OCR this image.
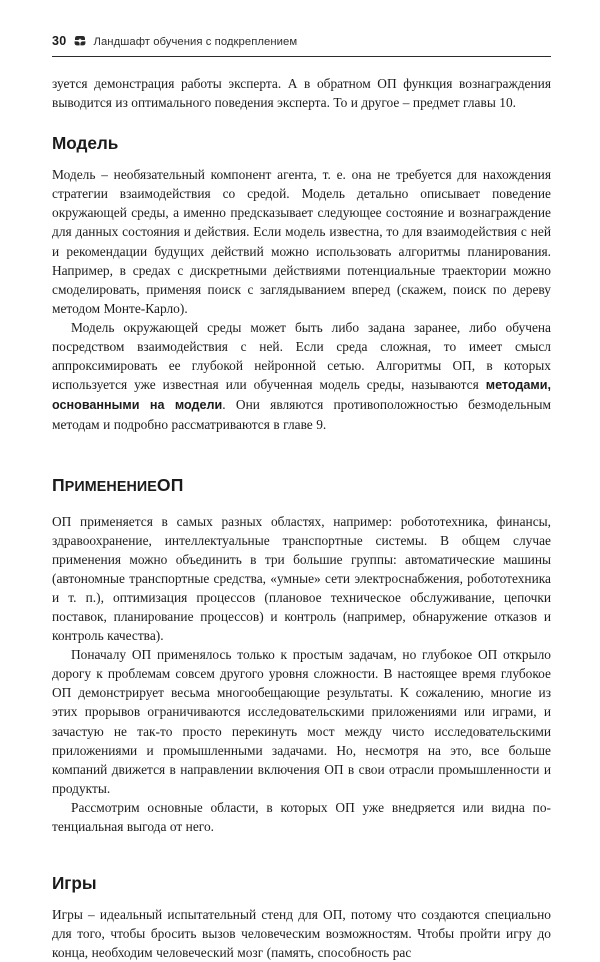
30 Ландшафт обучения с подкреплением

зуется демонстрация работы эксперта. А в обратном ОП функция вознаграждения выводится из оптимального поведения эксперта. То и другое – предмет главы 10.

Модель

Модель – необязательный компонент агента, т. е. она не требуется для нахождения стратегии взаимодействия со средой. Модель детально описывает поведение окружающей среды, а именно предсказывает следующее состояние и вознаграждение для данных состояния и действия. Если модель известна, то для взаимодействия с ней и рекомендации будущих действий можно использовать алгоритмы планирования. Например, в средах с дискретными действиями потенциальные траектории можно смоделировать, применяя поиск с заглядыванием вперед (скажем, поиск по дереву методом Монте-Карло).

Модель окружающей среды может быть либо задана заранее, либо обучена посредством взаимодействия с ней. Если среда сложная, то имеет смысл аппроксимировать ее глубокой нейронной сетью. Алгоритмы ОП, в которых используется уже известная или обученная модель среды, называются методами, основанными на модели. Они являются противоположностью безмодельным методам и подробно рассматриваются в главе 9.

ПРИМЕНЕНИЕОП

ОП применяется в самых разных областях, например: робототехника, финансы, здравоохранение, интеллектуальные транспортные системы. В общем случае применения можно объединить в три большие группы: автоматические машины (автономные транспортные средства, «умные» сети электроснабжения, робототехника и т. п.), оптимизация процессов (плановое техническое обслуживание, цепочки поставок, планирование процессов) и контроль (например, обнаружение отказов и контроль качества).

Поначалу ОП применялось только к простым задачам, но глубокое ОП открыло дорогу к проблемам совсем другого уровня сложности. В настоящее время глубокое ОП демонстрирует весьма многообещающие результаты. К сожалению, многие из этих прорывов ограничиваются исследовательскими приложениями или играми, и зачастую не так-то просто перекинуть мост между чисто исследовательскими приложениями и промышленными задачами. Но, несмотря на это, все больше компаний движется в направлении включения ОП в свои отрасли промышленности и продукты.

Рассмотрим основные области, в которых ОП уже внедряется или видна потенциальная выгода от него.

Игры

Игры – идеальный испытательный стенд для ОП, потому что создаются специально для того, чтобы бросить вызов человеческим возможностям. Чтобы пройти игру до конца, необходим человеческий мозг (память, способность рас
